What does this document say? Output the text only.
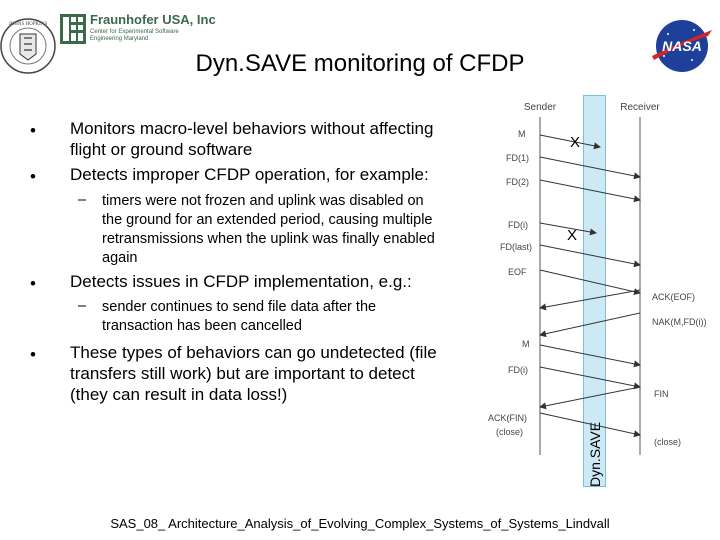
JOHNS HOPKINS	Fraunhofer USA, Inc
Center for Experimental Software Engineering Maryland	NASA
Dyn.SAVE monitoring of CFDP
• Monitors macro-level behaviors without affecting
flight or ground software
• Detects improper CFDP operation, for example:
– timers were not frozen and uplink was disabled on
the ground for an extended period, causing multiple
retransmissions when the uplink was finally enabled
again
• Detects issues in CFDP implementation, e.g.:
– sender continues to send file data after the
transaction has been cancelled
• These types of behaviors can go undetected (file
transfers still work) but are important to detect
(they can result in data loss!)
Dyn.SAVE
Sender	Receiver
X
X
M
FD(1)
FD(2)
FD(i)
FD(last)
EOF
M
FD(i)
ACK(FIN)
(close)
ACK(EOF)
NAK(M,FD(i))
FIN
(close)
SAS_08_ Architecture_Analysis_of_Evolving_Complex_Systems_of_Systems_Lindvall
